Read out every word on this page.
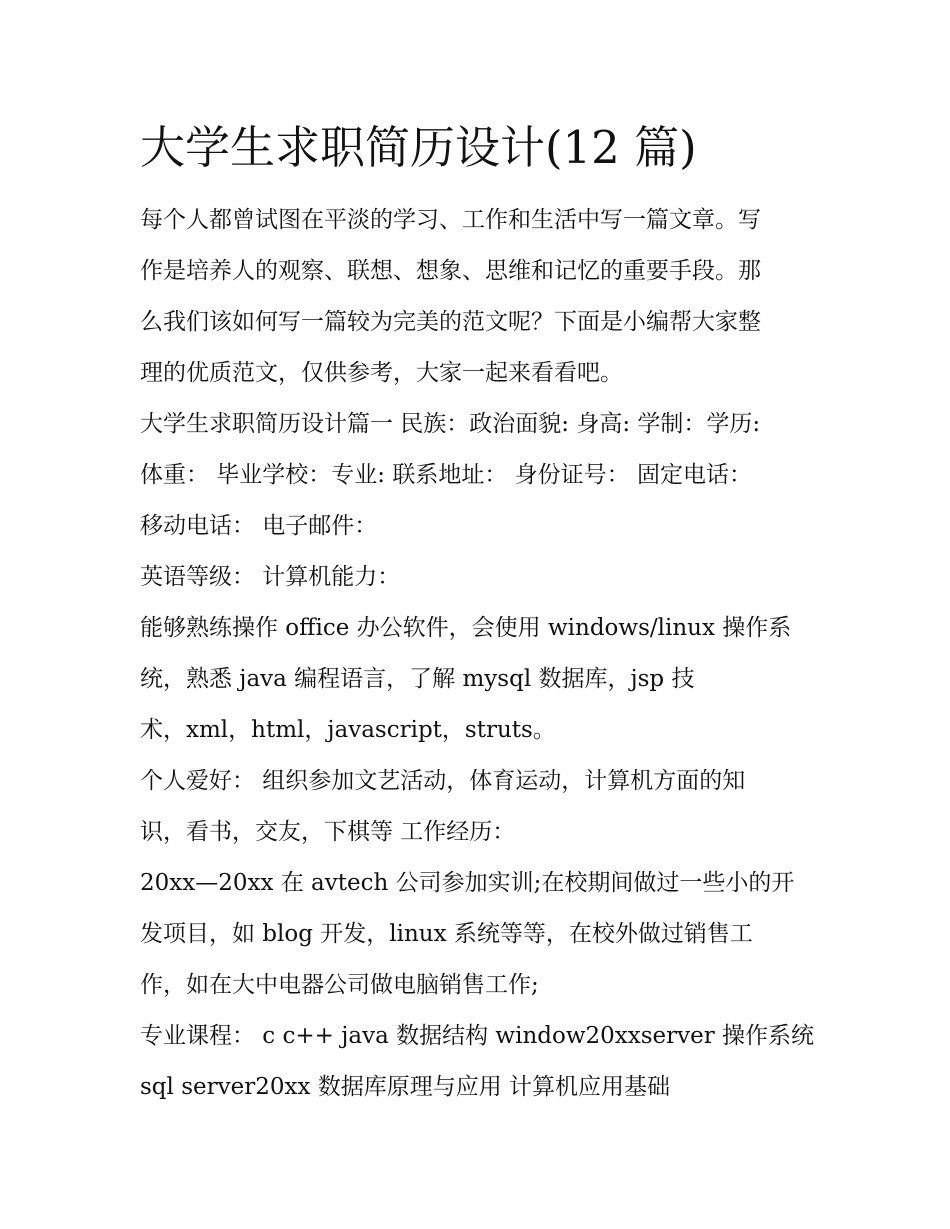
大学生求职简历设计(12 篇)

每个人都曾试图在平淡的学习、工作和生活中写一篇文章。写

作是培养人的观察、联想、想象、思维和记忆的重要手段。那

么我们该如何写一篇较为完美的范文呢？下面是小编帮大家整

理的优质范文，仅供参考，大家一起来看看吧。

大学生求职简历设计篇一 民族：政治面貌: 身高: 学制：学历:

体重： 毕业学校：专业: 联系地址： 身份证号： 固定电话：

移动电话： 电子邮件：

英语等级： 计算机能力：

能够熟练操作 office 办公软件，会使用 windows/linux 操作系

统，熟悉 java 编程语言，了解 mysql 数据库，jsp 技

术，xml，html，javascript，struts。

个人爱好： 组织参加文艺活动，体育运动，计算机方面的知

识，看书，交友，下棋等 工作经历：

20xx—20xx 在 avtech 公司参加实训;在校期间做过一些小的开

发项目，如 blog 开发，linux 系统等等，在校外做过销售工

作，如在大中电器公司做电脑销售工作;

专业课程： c c++ java 数据结构 window20xxserver 操作系统

sql server20xx 数据库原理与应用 计算机应用基础
